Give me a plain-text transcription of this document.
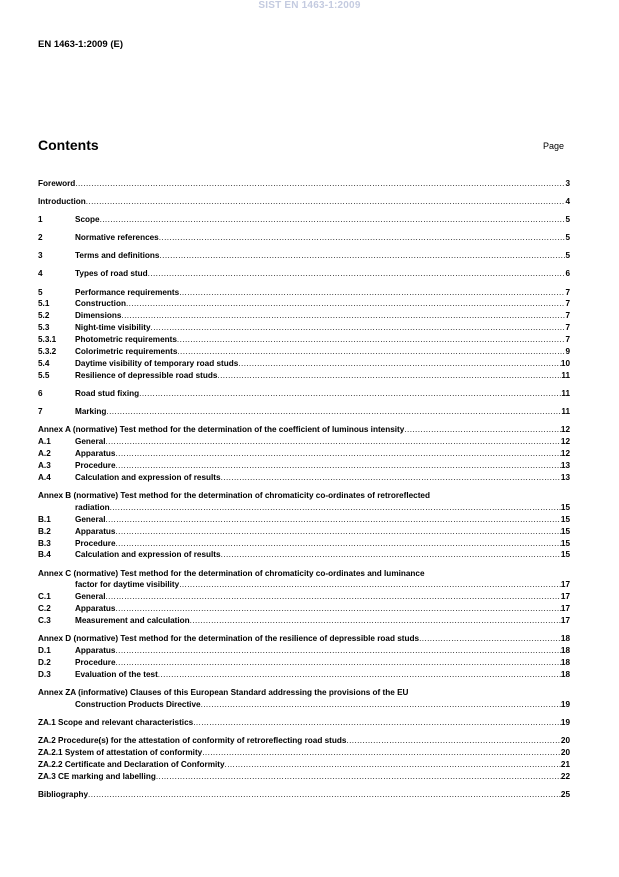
SIST EN 1463-1:2009
EN 1463-1:2009 (E)
Contents	Page
Foreword .....	3
Introduction .....	4
1	Scope .....	5
2	Normative references .....	5
3	Terms and definitions .....	5
4	Types of road stud .....	6
5	Performance requirements .....	7
5.1	Construction .....	7
5.2	Dimensions .....	7
5.3	Night-time visibility .....	7
5.3.1	Photometric requirements .....	7
5.3.2	Colorimetric requirements .....	9
5.4	Daytime visibility of temporary road studs .....	10
5.5	Resilience of depressible road studs .....	11
6	Road stud fixing .....	11
7	Marking .....	11
Annex A (normative) Test method for the determination of the coefficient of luminous intensity .....	12
A.1	General .....	12
A.2	Apparatus .....	12
A.3	Procedure .....	13
A.4	Calculation and expression of results .....	13
Annex B (normative) Test method for the determination of chromaticity co-ordinates of retroreflected
radiation .....	15
B.1	General .....	15
B.2	Apparatus .....	15
B.3	Procedure .....	15
B.4	Calculation and expression of results .....	15
Annex C (normative) Test method for the determination of chromaticity co-ordinates and luminance
factor for daytime visibility .....	17
C.1	General .....	17
C.2	Apparatus .....	17
C.3	Measurement and calculation .....	17
Annex D (normative) Test method for the determination of the resilience of depressible road studs .....	18
D.1	Apparatus .....	18
D.2	Procedure .....	18
D.3	Evaluation of the test .....	18
Annex ZA (informative) Clauses of this European Standard addressing the provisions of the EU
Construction Products Directive .....	19
ZA.1 Scope and relevant characteristics .....	19
ZA.2 Procedure(s) for the attestation of conformity of retroreflecting road studs .....	20
ZA.2.1 System of attestation of conformity .....	20
ZA.2.2 Certificate and Declaration of Conformity .....	21
ZA.3 CE marking and labelling .....	22
Bibliography .....	25
